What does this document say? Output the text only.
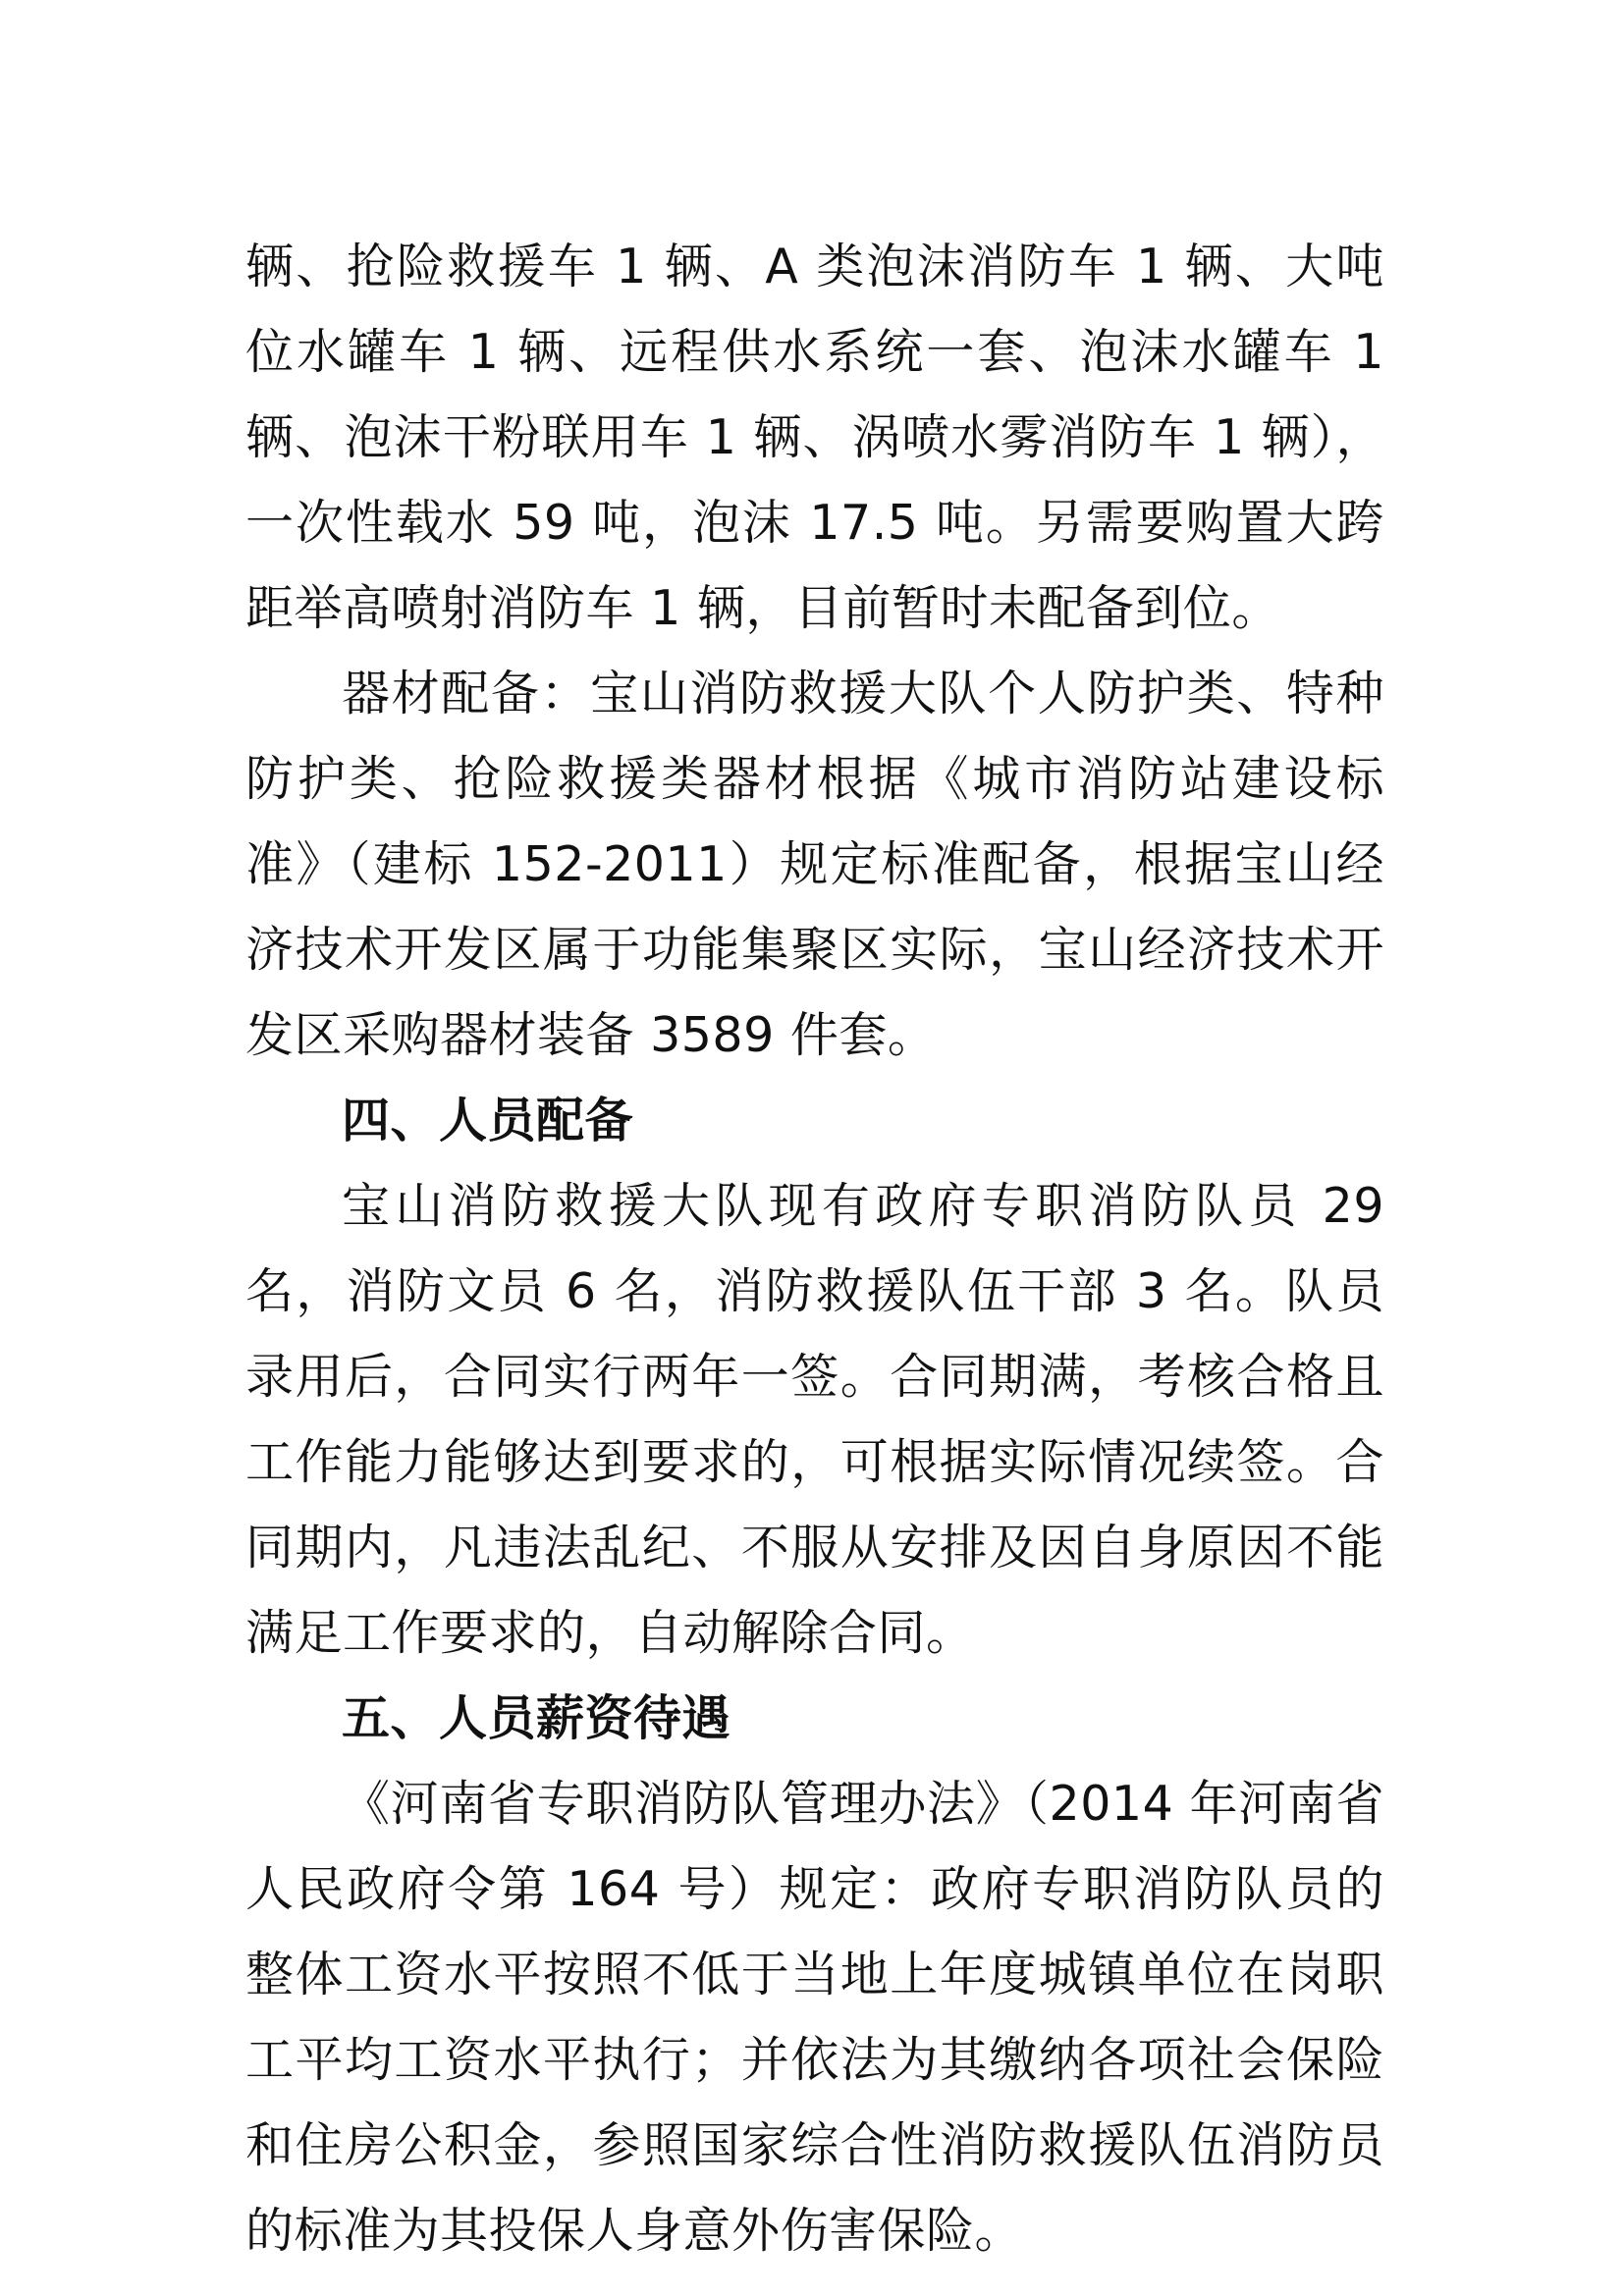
辆、抢险救援车 1 辆、A 类泡沫消防车 1 辆、大吨位水罐车 1 辆、远程供水系统一套、泡沫水罐车 1 辆、泡沫干粉联用车 1 辆、涡喷水雾消防车 1 辆），一次性载水 59 吨，泡沫 17.5 吨。另需要购置大跨距举高喷射消防车 1 辆，目前暂时未配备到位。

器材配备：宝山消防救援大队个人防护类、特种防护类、抢险救援类器材根据《城市消防站建设标准》（建标 152-2011）规定标准配备，根据宝山经济技术开发区属于功能集聚区实际，宝山经济技术开发区采购器材装备 3589 件套。

四、人员配备

宝山消防救援大队现有政府专职消防队员 29 名，消防文员 6 名，消防救援队伍干部 3 名。队员录用后，合同实行两年一签。合同期满，考核合格且工作能力能够达到要求的，可根据实际情况续签。合同期内，凡违法乱纪、不服从安排及因自身原因不能满足工作要求的，自动解除合同。

五、人员薪资待遇

《河南省专职消防队管理办法》（2014 年河南省人民政府令第 164 号）规定：政府专职消防队员的整体工资水平按照不低于当地上年度城镇单位在岗职工平均工资水平执行；并依法为其缴纳各项社会保险和住房公积金，参照国家综合性消防救援队伍消防员的标准为其投保人身意外伤害保险。
